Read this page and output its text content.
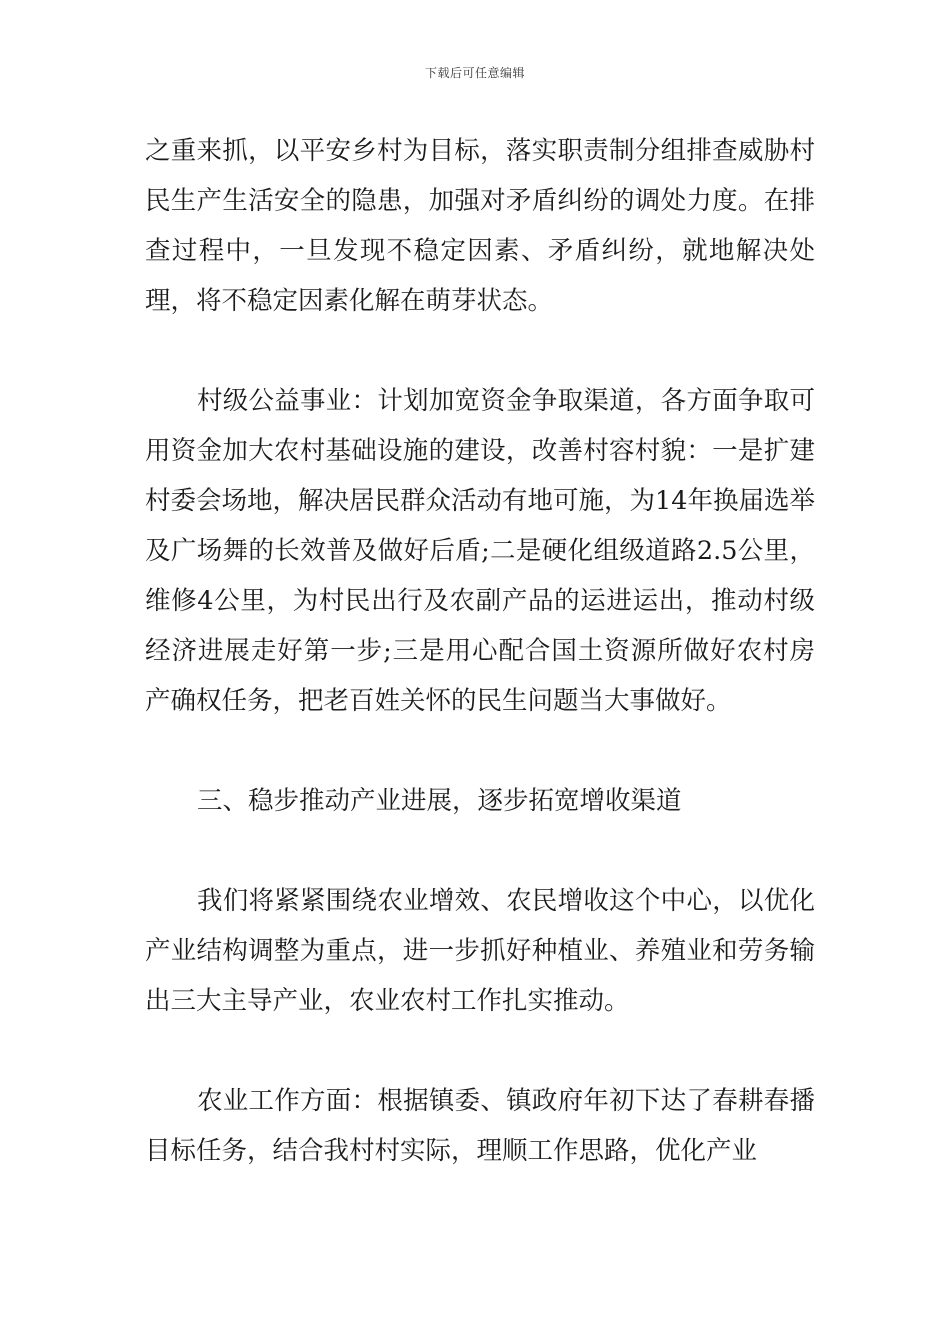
下载后可任意编辑

之重来抓，以平安乡村为目标，落实职责制分组排查威胁村民生产生活安全的隐患，加强对矛盾纠纷的调处力度。在排查过程中，一旦发现不稳定因素、矛盾纠纷，就地解决处理，将不稳定因素化解在萌芽状态。

村级公益事业：计划加宽资金争取渠道，各方面争取可用资金加大农村基础设施的建设，改善村容村貌：一是扩建村委会场地，解决居民群众活动有地可施，为14年换届选举及广场舞的长效普及做好后盾;二是硬化组级道路2.5公里，维修4公里，为村民出行及农副产品的运进运出，推动村级经济进展走好第一步;三是用心配合国土资源所做好农村房产确权任务，把老百姓关怀的民生问题当大事做好。

三、稳步推动产业进展，逐步拓宽增收渠道

我们将紧紧围绕农业增效、农民增收这个中心，以优化产业结构调整为重点，进一步抓好种植业、养殖业和劳务输出三大主导产业，农业农村工作扎实推动。

农业工作方面：根据镇委、镇政府年初下达了春耕春播目标任务，结合我村村实际，理顺工作思路，优化产业
